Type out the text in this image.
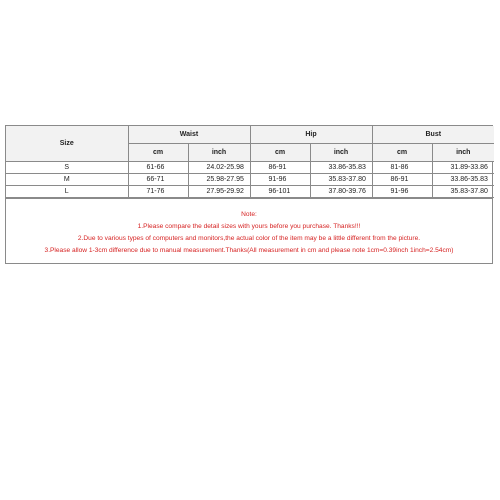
Size	Waist		Hip		Bust	
	cm	inch	cm	inch	cm	inch
S	61-66	24.02-25.98	86-91	33.86-35.83	81-86	31.89-33.86
M	66-71	25.98-27.95	91-96	35.83-37.80	86-91	33.86-35.83
L	71-76	27.95-29.92	96-101	37.80-39.76	91-96	35.83-37.80
Note:
1.Please compare the detail sizes with yours before you purchase. Thanks!!!
2.Due to various types of computers and monitors,the actual color of the item may be a little different from the picture.
3.Please allow 1-3cm difference due to manual measurement.Thanks(All measurement in cm and please note 1cm=0.39inch 1inch=2.54cm)
